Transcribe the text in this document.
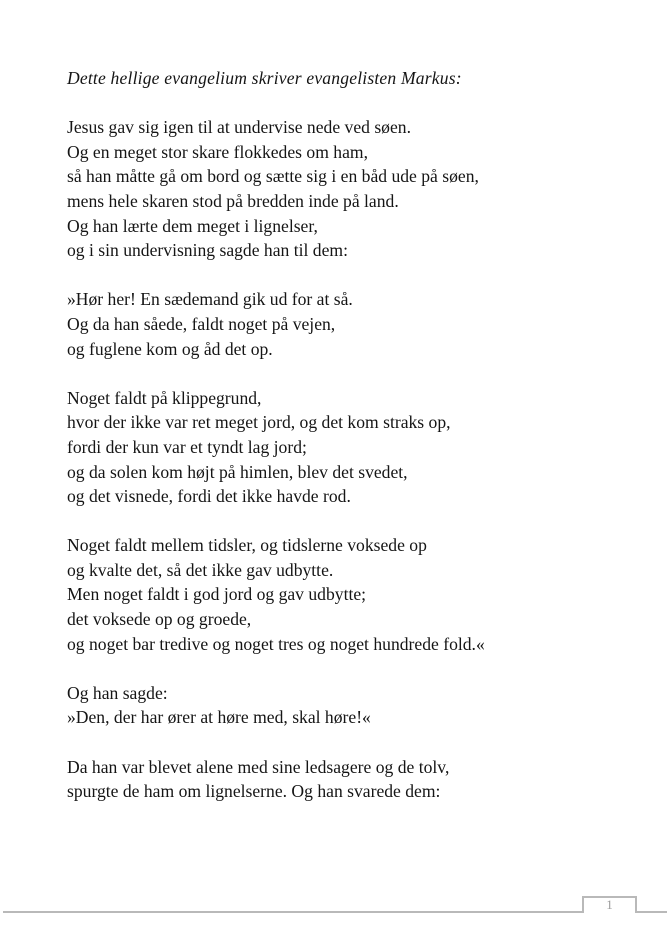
Dette hellige evangelium skriver evangelisten Markus:

Jesus gav sig igen til at undervise nede ved søen.
Og en meget stor skare flokkedes om ham,
så han måtte gå om bord og sætte sig i en båd ude på søen,
mens hele skaren stod på bredden inde på land.
Og han lærte dem meget i lignelser,
og i sin undervisning sagde han til dem:
»Hør her! En sædemand gik ud for at så.
Og da han såede, faldt noget på vejen,
og fuglene kom og åd det op.
Noget faldt på klippegrund,
hvor der ikke var ret meget jord, og det kom straks op,
fordi der kun var et tyndt lag jord;
og da solen kom højt på himlen, blev det svedet,
og det visnede, fordi det ikke havde rod.
Noget faldt mellem tidsler, og tidslerne voksede op
og kvalte det, så det ikke gav udbytte.
Men noget faldt i god jord og gav udbytte;
det voksede op og groede,
og noget bar tredive og noget tres og noget hundrede fold.«
Og han sagde:
»Den, der har ører at høre med, skal høre!«
Da han var blevet alene med sine ledsagere og de tolv,
spurgte de ham om lignelserne. Og han svarede dem:
1
